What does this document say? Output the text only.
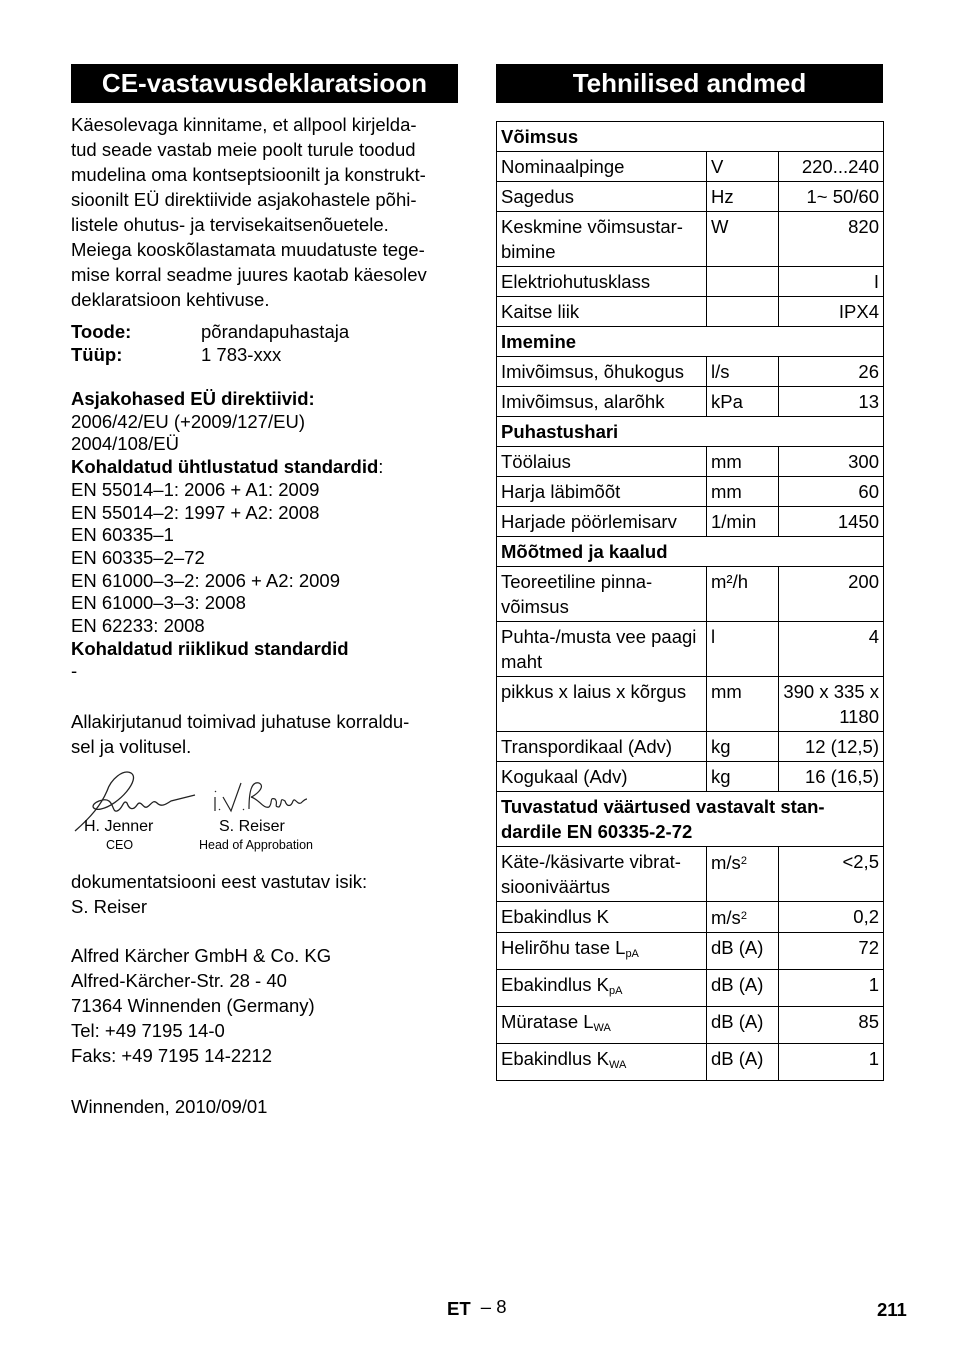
CE-vastavusdeklaratsioon
Käesolevaga kinnitame, et allpool kirjelda-
tud seade vastab meie poolt turule toodud
mudelina oma kontseptsioonilt ja konstrukt-
sioonilt EÜ direktiivide asjakohastele põhi-
listele ohutus- ja tervisekaitsenõuetele.
Meiega kooskõlastamata muudatuste tege-
mise korral seadme juures kaotab käesolev
deklaratsioon kehtivuse.
Toode:	põrandapuhastaja
Tüüp:	1 783-xxx
Asjakohased EÜ direktiivid:
2006/42/EU (+2009/127/EU)
2004/108/EÜ
Kohaldatud ühtlustatud standardid:
EN 55014–1: 2006 + A1: 2009
EN 55014–2: 1997 + A2: 2008
EN 60335–1
EN 60335–2–72
EN 61000–3–2: 2006 + A2: 2009
EN 61000–3–3: 2008
EN 62233: 2008
Kohaldatud riiklikud standardid
-
Allakirjutanud toimivad juhatuse korraldu-
sel ja volitusel.
H. Jenner
CEO
S. Reiser
Head of Approbation
dokumentatsiooni eest vastutav isik:
S. Reiser
Alfred Kärcher GmbH & Co. KG
Alfred-Kärcher-Str. 28 - 40
71364 Winnenden (Germany)
Tel: +49 7195 14-0
Faks: +49 7195 14-2212
Winnenden, 2010/09/01
Tehnilised andmed
Võimsus		
Nominaalpinge	V	220...240
Sagedus	Hz	1~ 50/60
Keskmine võimsustar-bimine	W	820
Elektriohutusklass		I
Kaitse liik		IPX4
Imemine		
Imivõimsus, õhukogus	l/s	26
Imivõimsus, alarõhk	kPa	13
Puhastushari		
Töölaius	mm	300
Harja läbimõõt	mm	60
Harjade pöörlemisarv	1/min	1450
Mõõtmed ja kaalud		
Teoreetiline pinna-võimsus	m²/h	200
Puhta-/musta vee paagi maht	l	4
pikkus x laius x kõrgus	mm	390 x 335 x 1180
Transpordikaal (Adv)	kg	12 (12,5)
Kogukaal (Adv)	kg	16 (16,5)
Tuvastatud väärtused vastavalt stan-dardile EN 60335-2-72		
Käte-/käsivarte vibrat-siooniväärtus	$m/s^2$	<2,5
Ebakindlus K	$m/s^2$	0,2
Helirõhu tase $L_{pA}$	dB (A)	72
Ebakindlus $K_{pA}$	dB (A)	1
Müratase $L_{WA}$	dB (A)	85
Ebakindlus $K_{WA}$	dB (A)	1
ET – 8	211
